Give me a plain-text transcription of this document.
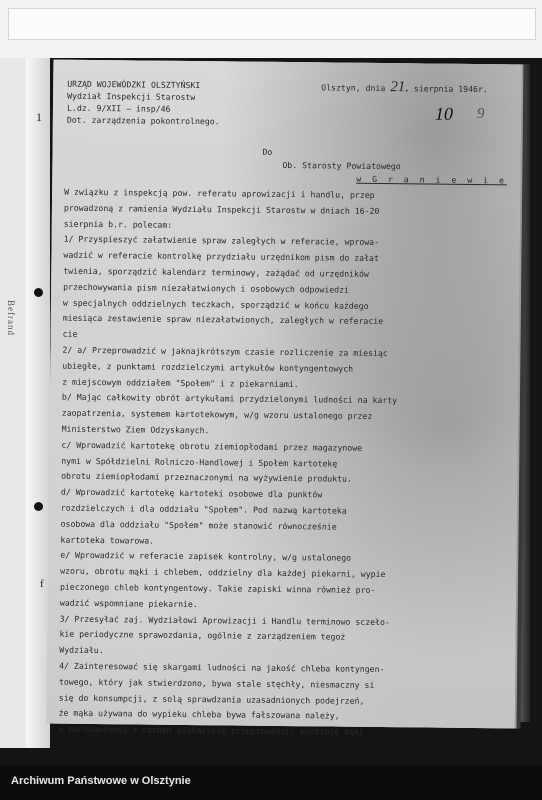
Befrand
1
f
URZĄD WOJEWÓDZKI OLSZTYŃSKI
Wydział Inspekcji Starostw
L.dz. 9/XII — insp/46
Dot. zarządzenia pokontrolnego.
Olsztyn, dnia 21. sierpnia 1946r.
10 9
Do
Ob. Starosty Powiatowego
w G r a n i e w i e
W związku z inspekcją pow. referatu aprowizacji i handlu, przep
prowadzoną z ramienia Wydziału Inspekcji Starostw w dniach 16-20
sierpnia b.r. polecam:
1/ Przyspieszyć załatwienie spraw zaległych w referacie, wprowa-
wadzić w referacie kontrolkę przydziału urzędnikom pism do załat
twienia, sporządzić kalendarz terminowy, zażądać od urzędników
przechowywania pism niezałatwionych i osobowych odpowiedzi
w specjalnych oddzielnych teczkach, sporządzić w końcu każdego
miesiąca zestawienie spraw niezałatwionych, zaległych w referacie
cie
2/ a/ Przeprowadzić w jaknajkrótszym czasie rozliczenie za miesiąc
ubiegłe, z punktami rozdzielczymi artykułów kontyngentowych
z miejscowym oddziałem "Społem" i z piekarniami.
b/ Mając całkowity obrót artykułami przydzielonymi ludności na karty
zaopatrzenia, systemem kartotekowym, w/g wzoru ustalonego przez
Ministerstwo Ziem Odzyskanych.
c/ Wprowadzić kartotekę obrotu ziemiopłodami przez magazynowe
nymi w Spółdzielni Rolniczo-Handlowej i Społem kartotekę
obrotu ziemiopłodami przeznaczonymi na wyżywienie produktu.
d/ Wprowadzić kartotekę kartoteki osobowe dla punktów
rozdzielczych i dla oddziału "Społem". Pod nazwą kartoteka
osobowa dla oddziału "Społem" może stanowić równocześnie
kartoteka towarowa.
e/ Wprowadzić w referacie zapisek kontrolny, w/g ustalonego
wzoru, obrotu mąki i chlebem, oddzielny dla każdej piekarni, wypie
pieczonego chleb kontyngentowy. Takie zapiski winna również pro-
wadzić wspomniane piekarnie.
3/ Przesyłać zaj. Wydziałowi Aprowizacji i Handlu terminowo sczeło-
kie periodyczne sprawozdania, ogólnie z zarządzeniem tegoż
Wydziału.
4/ Zainteresować się skargami ludności na jakość chleba kontyngen-
towego, który jak stwierdzono, bywa stale stęchły, niesmaczny si
się do konsumpcji, z solą sprawdzania uzasadnionych podejrzeń,
że mąka używana do wypieku chleba bywa fałszowana należy,
w porozumieniu z cechem piekarskim przeprowadzić kontrolę mąki
Archiwum Państwowe w Olsztynie
